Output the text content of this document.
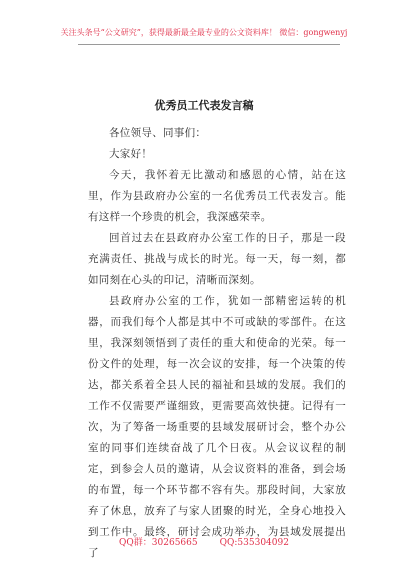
关注头条号“公文研究”，获得最新最全最专业的公文资料库！ 微信：gongwenyj
优秀员工代表发言稿

各位领导、同事们：

大家好！

今天，我怀着无比激动和感恩的心情，站在这里，作为县政府办公室的一名优秀员工代表发言。能有这样一个珍贵的机会，我深感荣幸。

回首过去在县政府办公室工作的日子，那是一段充满责任、挑战与成长的时光。每一天，每一刻，都如同刻在心头的印记，清晰而深刻。

县政府办公室的工作，犹如一部精密运转的机器，而我们每个人都是其中不可或缺的零部件。在这里，我深刻领悟到了责任的重大和使命的光荣。每一份文件的处理，每一次会议的安排，每一个决策的传达，都关系着全县人民的福祉和县域的发展。我们的工作不仅需要严谨细致，更需要高效快捷。记得有一次，为了筹备一场重要的县域发展研讨会，整个办公室的同事们连续奋战了几个日夜。从会议议程的制定，到参会人员的邀请，从会议资料的准备，到会场的布置，每一个环节都不容有失。那段时间，大家放弃了休息，放弃了与家人团聚的时光，全身心地投入到工作中。最终，研讨会成功举办，为县域发展提出了

QQ群：30265665 QQ:535304092
